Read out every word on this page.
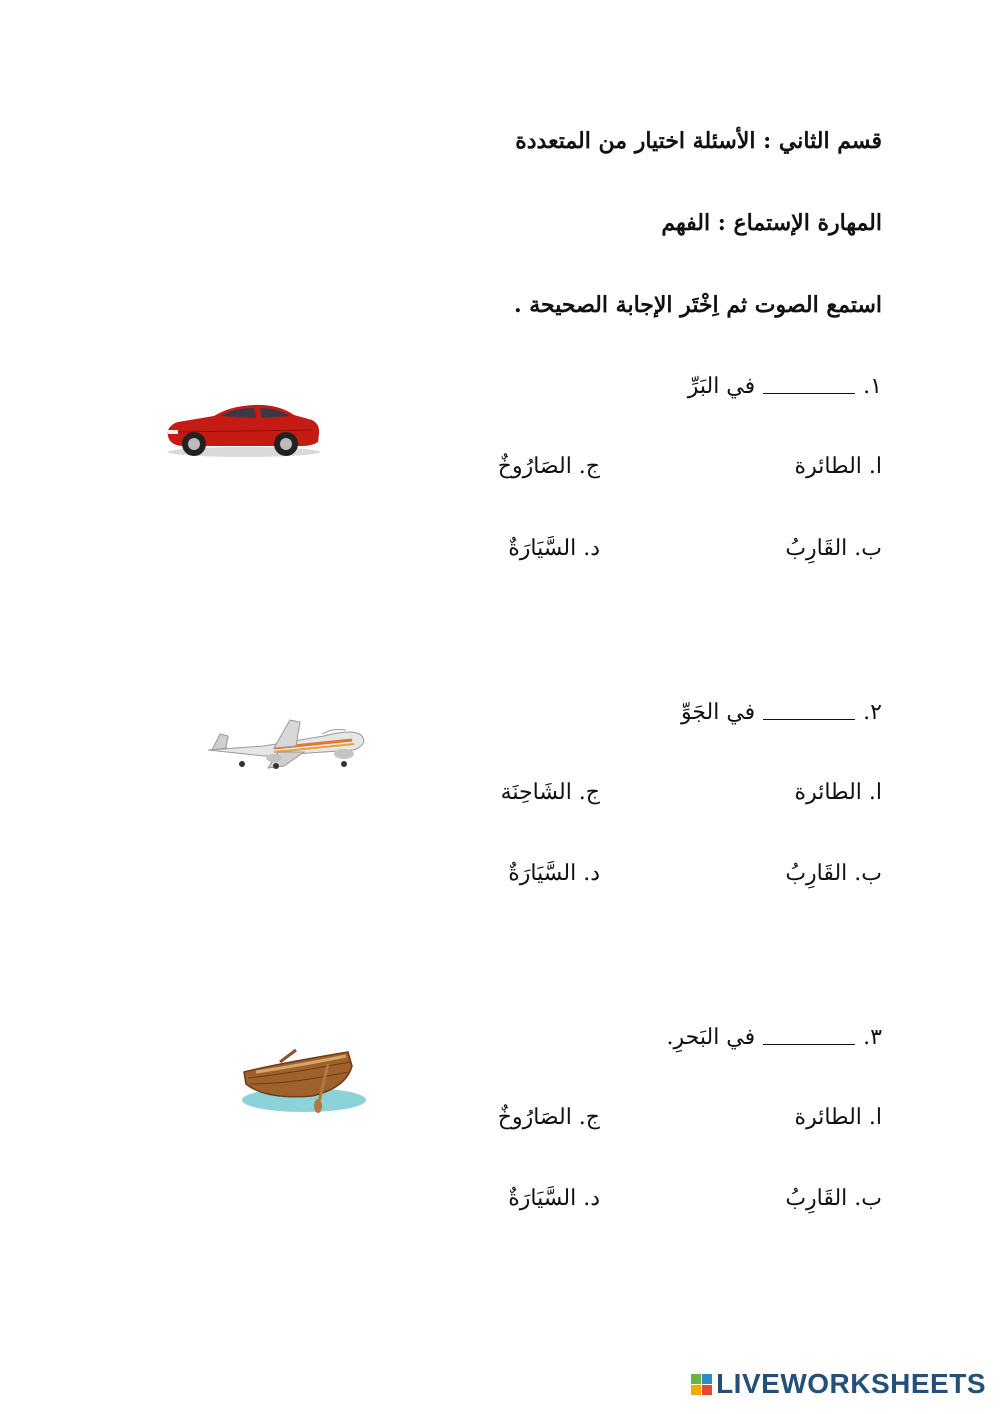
قسم الثاني : الأسئلة اختيار من المتعددة
المهارة الإستماع : الفهم
استمع الصوت ثم اِخْتَر الإجابة الصحيحة .
١.في البَرِّ
ا. الطائرة
ج. الصَارُوخٌ
ب. القَارِبُ
د. السَّيَارَةٌ
٢.في الجَوِّ
ا. الطائرة
ج. الشَاحِنَة
ب. القَارِبُ
د. السَّيَارَةٌ
٣.في البَحرِ.
ا. الطائرة
ج. الصَارُوخٌ
ب. القَارِبُ
د. السَّيَارَةٌ
LIVEWORKSHEETS
